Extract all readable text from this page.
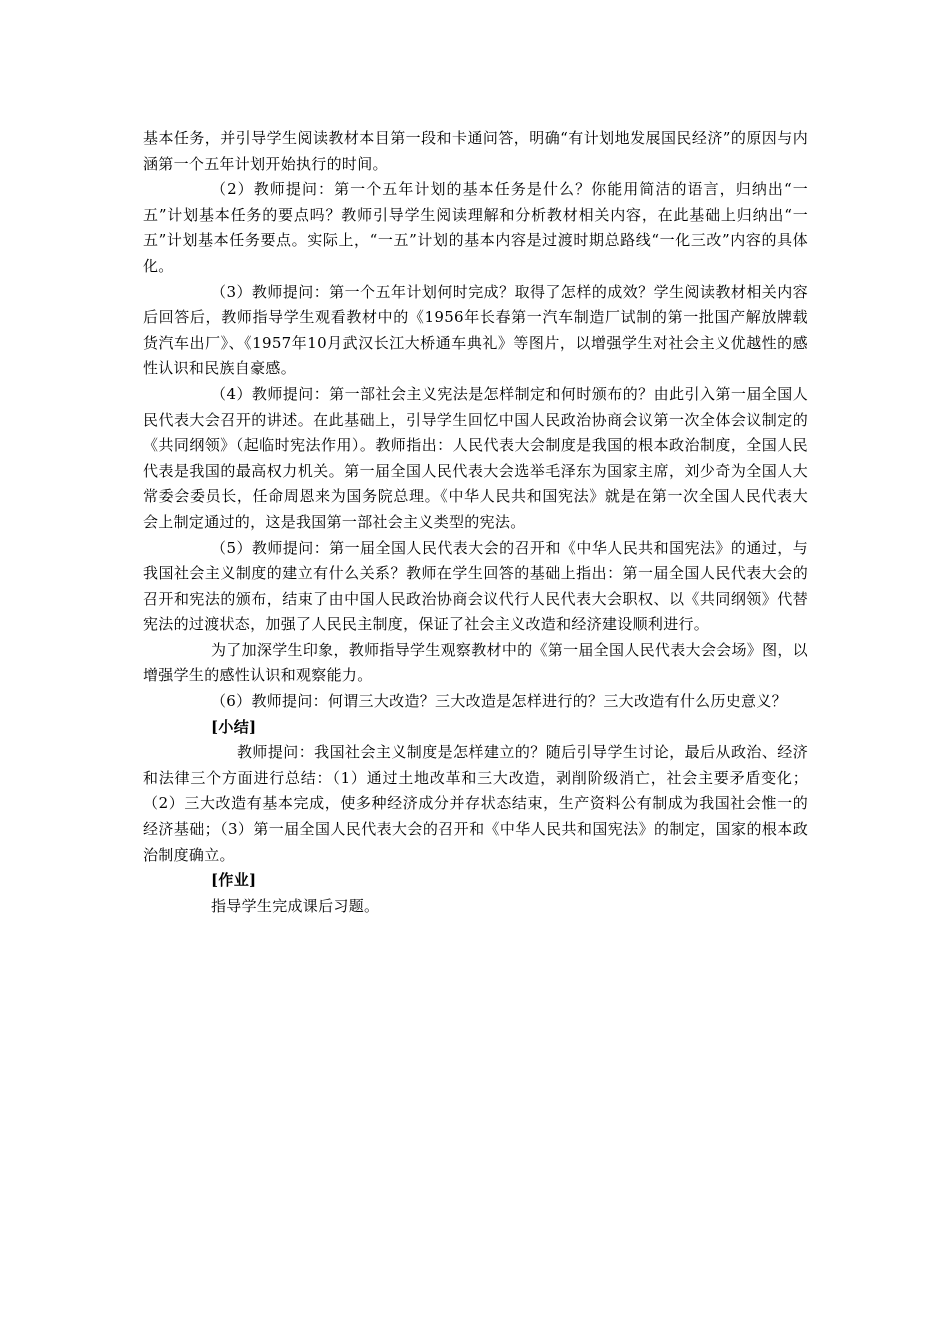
基本任务，并引导学生阅读教材本目第一段和卡通问答，明确“有计划地发展国民经济”的原因与内涵第一个五年计划开始执行的时间。

（2）教师提问：第一个五年计划的基本任务是什么？你能用简洁的语言，归纳出“一五”计划基本任务的要点吗？教师引导学生阅读理解和分析教材相关内容，在此基础上归纳出“一五”计划基本任务要点。实际上，“一五”计划的基本内容是过渡时期总路线“一化三改”内容的具体化。

（3）教师提问：第一个五年计划何时完成？取得了怎样的成效？学生阅读教材相关内容后回答后，教师指导学生观看教材中的《1956年长春第一汽车制造厂试制的第一批国产解放牌载货汽车出厂》、《1957年10月武汉长江大桥通车典礼》等图片，以增强学生对社会主义优越性的感性认识和民族自豪感。

（4）教师提问：第一部社会主义宪法是怎样制定和何时颁布的？由此引入第一届全国人民代表大会召开的讲述。在此基础上，引导学生回忆中国人民政治协商会议第一次全体会议制定的《共同纲领》（起临时宪法作用）。教师指出：人民代表大会制度是我国的根本政治制度，全国人民代表是我国的最高权力机关。第一届全国人民代表大会选举毛泽东为国家主席，刘少奇为全国人大常委会委员长，任命周恩来为国务院总理。《中华人民共和国宪法》就是在第一次全国人民代表大会上制定通过的，这是我国第一部社会主义类型的宪法。

（5）教师提问：第一届全国人民代表大会的召开和《中华人民共和国宪法》的通过，与我国社会主义制度的建立有什么关系？教师在学生回答的基础上指出：第一届全国人民代表大会的召开和宪法的颁布，结束了由中国人民政治协商会议代行人民代表大会职权、以《共同纲领》代替宪法的过渡状态，加强了人民民主制度，保证了社会主义改造和经济建设顺利进行。

为了加深学生印象，教师指导学生观察教材中的《第一届全国人民代表大会会场》图，以增强学生的感性认识和观察能力。

（6）教师提问：何谓三大改造？三大改造是怎样进行的？三大改造有什么历史意义？

[小结]

教师提问：我国社会主义制度是怎样建立的？随后引导学生讨论，最后从政治、经济和法律三个方面进行总结：（1）通过土地改革和三大改造，剥削阶级消亡，社会主要矛盾变化；（2）三大改造有基本完成，使多种经济成分并存状态结束，生产资料公有制成为我国社会惟一的经济基础；（3）第一届全国人民代表大会的召开和《中华人民共和国宪法》的制定，国家的根本政治制度确立。

[作业]

指导学生完成课后习题。
